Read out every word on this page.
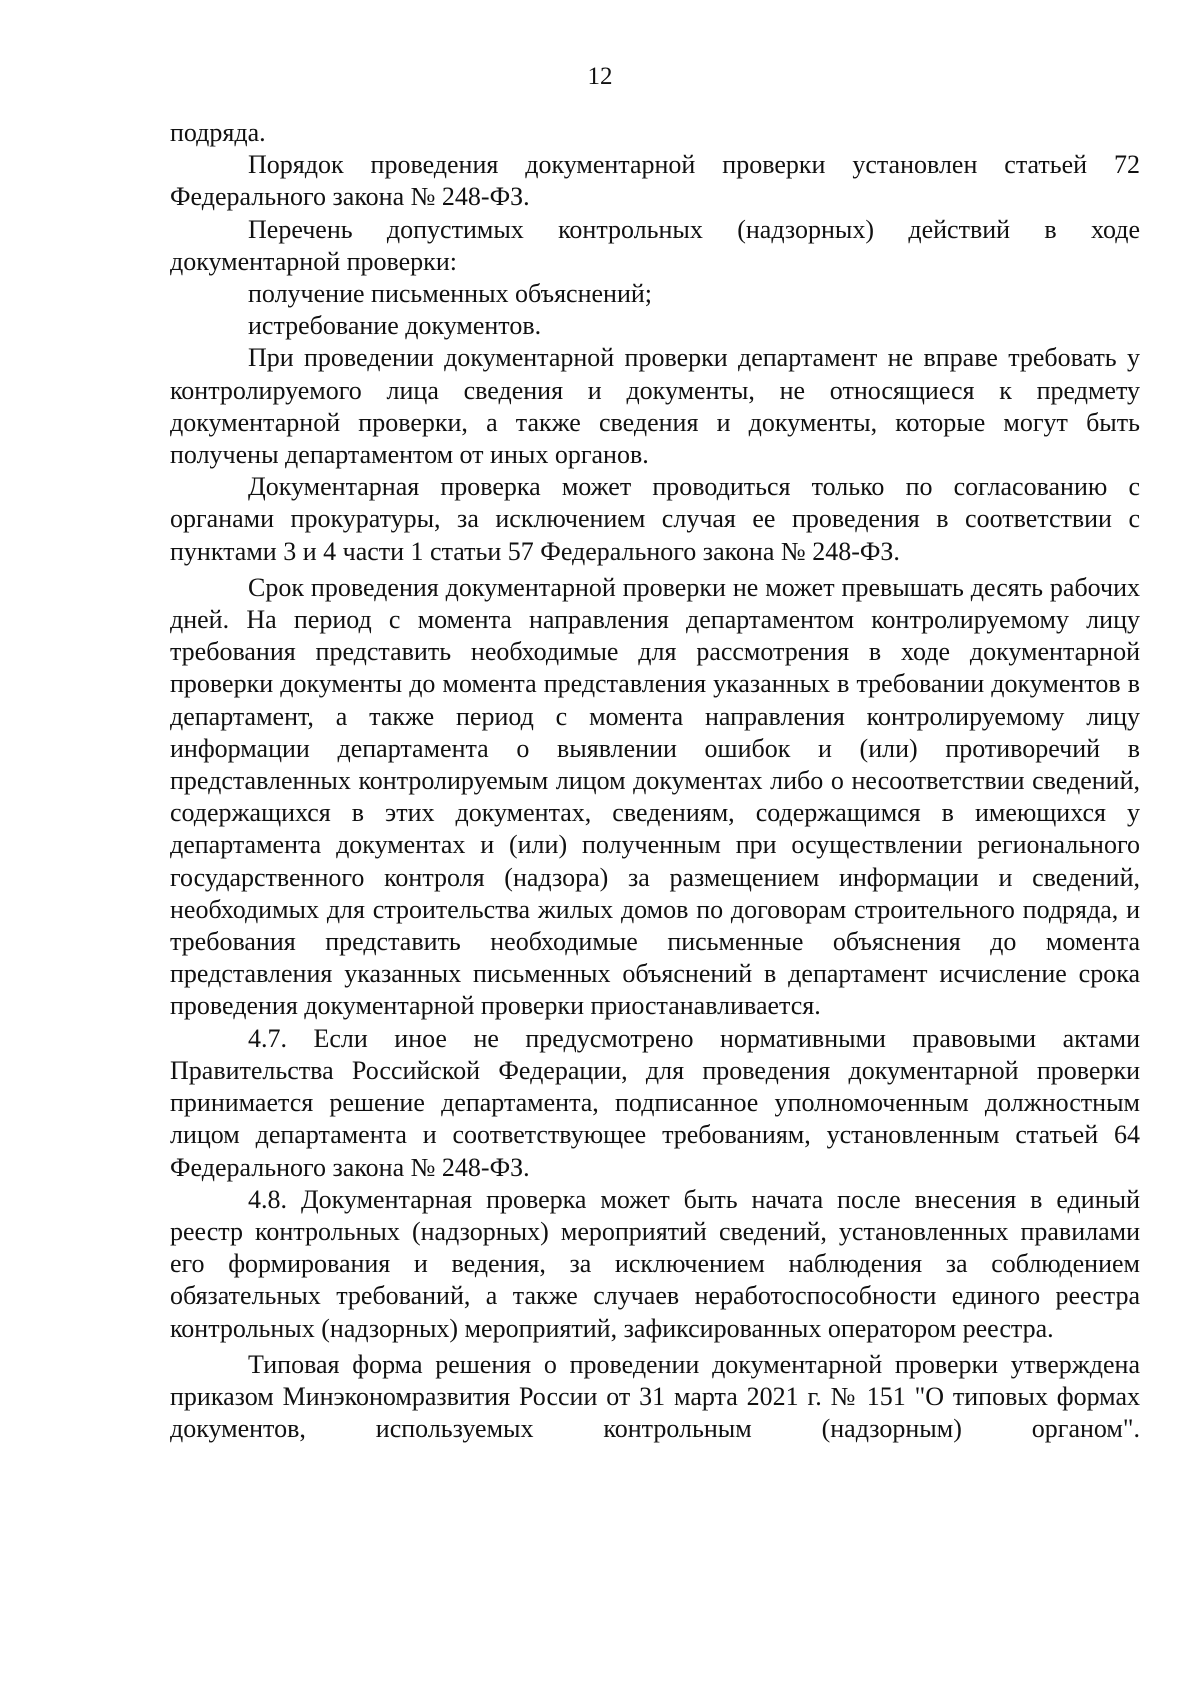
12

подряда.

Порядок проведения документарной проверки установлен статьей 72 Федерального закона № 248-ФЗ.

Перечень допустимых контрольных (надзорных) действий в ходе документарной проверки:

получение письменных объяснений;

истребование документов.

При проведении документарной проверки департамент не вправе требовать у контролируемого лица сведения и документы, не относящиеся к предмету документарной проверки, а также сведения и документы, которые могут быть получены департаментом от иных органов.

Документарная проверка может проводиться только по согласованию с органами прокуратуры, за исключением случая ее проведения в соответствии с пунктами 3 и 4 части 1 статьи 57 Федерального закона № 248-ФЗ.

Срок проведения документарной проверки не может превышать десять рабочих дней. На период с момента направления департаментом контролируемому лицу требования представить необходимые для рассмотрения в ходе документарной проверки документы до момента представления указанных в требовании документов в департамент, а также период с момента направления контролируемому лицу информации департамента о выявлении ошибок и (или) противоречий в представленных контролируемым лицом документах либо о несоответствии сведений, содержащихся в этих документах, сведениям, содержащимся в имеющихся у департамента документах и (или) полученным при осуществлении регионального государственного контроля (надзора) за размещением информации и сведений, необходимых для строительства жилых домов по договорам строительного подряда, и требования представить необходимые письменные объяснения до момента представления указанных письменных объяснений в департамент исчисление срока проведения документарной проверки приостанавливается.

4.7. Если иное не предусмотрено нормативными правовыми актами Правительства Российской Федерации, для проведения документарной проверки принимается решение департамента, подписанное уполномоченным должностным лицом департамента и соответствующее требованиям, установленным статьей 64 Федерального закона № 248-ФЗ.

4.8. Документарная проверка может быть начата после внесения в единый реестр контрольных (надзорных) мероприятий сведений, установленных правилами его формирования и ведения, за исключением наблюдения за соблюдением обязательных требований, а также случаев неработоспособности единого реестра контрольных (надзорных) мероприятий, зафиксированных оператором реестра.

Типовая форма решения о проведении документарной проверки утверждена приказом Минэкономразвития России от 31 марта 2021 г. № 151 "О типовых формах документов, используемых контрольным (надзорным) органом".
